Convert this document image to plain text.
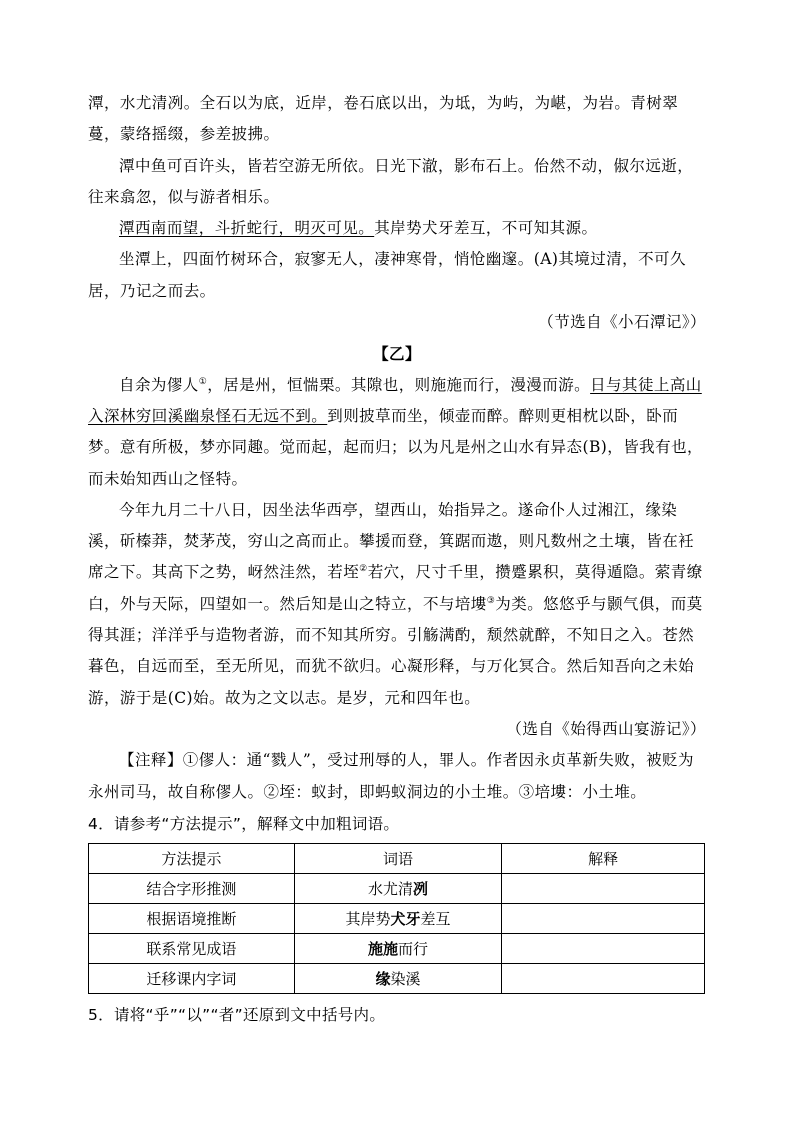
潭，水尤清冽。全石以为底，近岸，卷石底以出，为坻，为屿，为嵁，为岩。青树翠蔓，蒙络摇缀，参差披拂。

潭中鱼可百许头，皆若空游无所依。日光下澈，影布石上。佁然不动，俶尔远逝，往来翕忽，似与游者相乐。

潭西南而望，斗折蛇行，明灭可见。其岸势犬牙差互，不可知其源。

坐潭上，四面竹树环合，寂寥无人，凄神寒骨，悄怆幽邃。(A)其境过清，不可久居，乃记之而去。

（节选自《小石潭记》）

【乙】

自余为僇人①，居是州，恒惴栗。其隙也，则施施而行，漫漫而游。日与其徒上高山入深林穷回溪幽泉怪石无远不到。到则披草而坐，倾壶而醉。醉则更相枕以卧，卧而梦。意有所极，梦亦同趣。觉而起，起而归；以为凡是州之山水有异态(B)，皆我有也，而未始知西山之怪特。

今年九月二十八日，因坐法华西亭，望西山，始指异之。遂命仆人过湘江，缘染溪，斫榛莽，焚茅茂，穷山之高而止。攀援而登，箕踞而遨，则凡数州之土壤，皆在衽席之下。其高下之势，岈然洼然，若垤②若穴，尺寸千里，攒蹙累积，莫得遁隐。萦青缭白，外与天际，四望如一。然后知是山之特立，不与培塿③为类。悠悠乎与颢气俱，而莫得其涯；洋洋乎与造物者游，而不知其所穷。引觞满酌，颓然就醉，不知日之入。苍然暮色，自远而至，至无所见，而犹不欲归。心凝形释，与万化冥合。然后知吾向之未始游，游于是(C)始。故为之文以志。是岁，元和四年也。

（选自《始得西山宴游记》）

【注释】①僇人：通“戮人”，受过刑辱的人，罪人。作者因永贞革新失败，被贬为永州司马，故自称僇人。②垤：蚁封，即蚂蚁洞边的小土堆。③培塿：小土堆。

4．请参考“方法提示”，解释文中加粗词语。
方法提示	词语	解释
结合字形推测	水尤清冽	
根据语境推断	其岸势犬牙差互	
联系常见成语	施施而行	
迁移课内字词	缘染溪	
5．请将“乎”“以”“者”还原到文中括号内。
